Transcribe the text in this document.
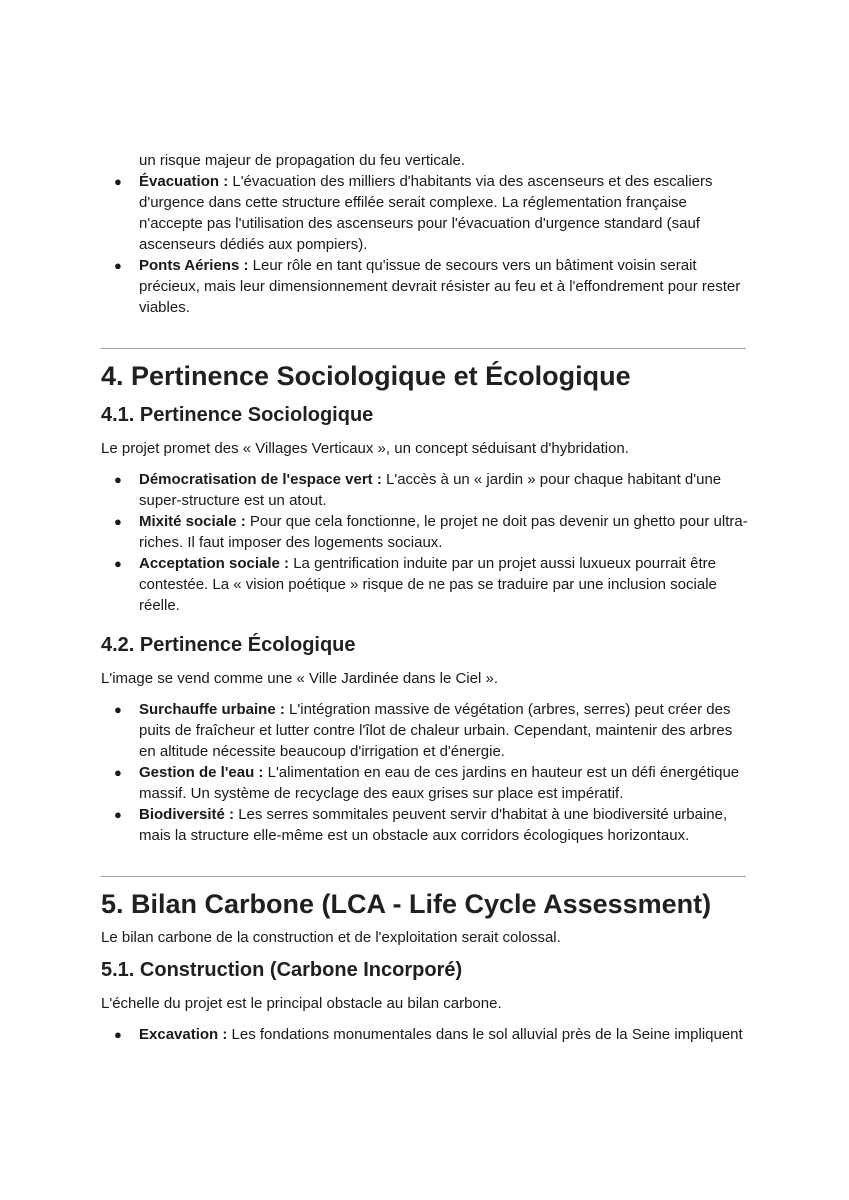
un risque majeur de propagation du feu verticale.

● Évacuation : L'évacuation des milliers d'habitants via des ascenseurs et des escaliers d'urgence dans cette structure effilée serait complexe. La réglementation française n'accepte pas l'utilisation des ascenseurs pour l'évacuation d'urgence standard (sauf ascenseurs dédiés aux pompiers).
● Ponts Aériens : Leur rôle en tant qu'issue de secours vers un bâtiment voisin serait précieux, mais leur dimensionnement devrait résister au feu et à l'effondrement pour rester viables.
4. Pertinence Sociologique et Écologique
4.1. Pertinence Sociologique

Le projet promet des « Villages Verticaux », un concept séduisant d'hybridation.

● Démocratisation de l'espace vert : L'accès à un « jardin » pour chaque habitant d'une super-structure est un atout.
● Mixité sociale : Pour que cela fonctionne, le projet ne doit pas devenir un ghetto pour ultra-riches. Il faut imposer des logements sociaux.
● Acceptation sociale : La gentrification induite par un projet aussi luxueux pourrait être contestée. La « vision poétique » risque de ne pas se traduire par une inclusion sociale réelle.
4.2. Pertinence Écologique

L'image se vend comme une « Ville Jardinée dans le Ciel ».

● Surchauffe urbaine : L'intégration massive de végétation (arbres, serres) peut créer des puits de fraîcheur et lutter contre l'îlot de chaleur urbain. Cependant, maintenir des arbres en altitude nécessite beaucoup d'irrigation et d'énergie.
● Gestion de l'eau : L'alimentation en eau de ces jardins en hauteur est un défi énergétique massif. Un système de recyclage des eaux grises sur place est impératif.
● Biodiversité : Les serres sommitales peuvent servir d'habitat à une biodiversité urbaine, mais la structure elle-même est un obstacle aux corridors écologiques horizontaux.
5. Bilan Carbone (LCA - Life Cycle Assessment)

Le bilan carbone de la construction et de l'exploitation serait colossal.

5.1. Construction (Carbone Incorporé)

L'échelle du projet est le principal obstacle au bilan carbone.

● Excavation : Les fondations monumentales dans le sol alluvial près de la Seine impliquent
